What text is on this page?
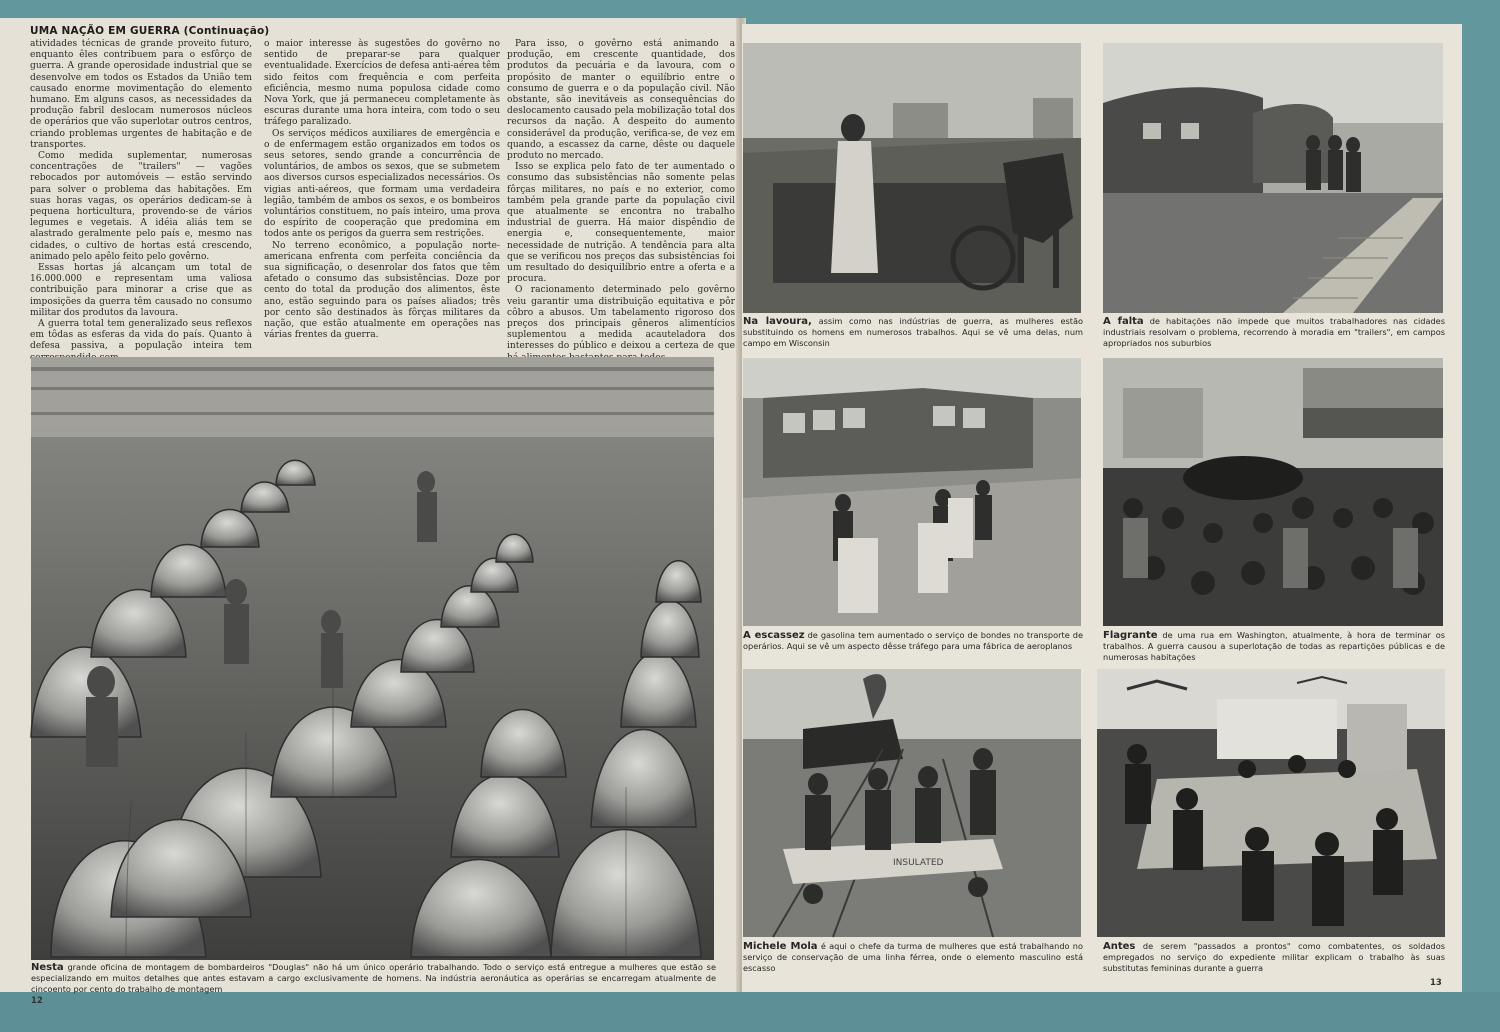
UMA NAÇÃO EM GUERRA (Continuação)

atividades técnicas de grande proveito futuro, enquanto êles contribuem para o esfôrço de guerra. A grande operosidade industrial que se desenvolve em todos os Estados da União tem causado enorme movimentação do elemento humano. Em alguns casos, as necessidades da produção fabril deslocam numerosos núcleos de operários que vão superlotar outros centros, criando problemas urgentes de habitação e de transportes.

Como medida suplementar, numerosas concentrações de "trailers" — vagões rebocados por automóveis — estão servindo para solver o problema das habitações. Em suas horas vagas, os operários dedicam-se à pequena horticultura, provendo-se de vários legumes e vegetais. A idéia aliás tem se alastrado geralmente pelo país e, mesmo nas cidades, o cultivo de hortas está crescendo, animado pelo apêlo feito pelo govêrno.

Essas hortas já alcançam um total de 16.000.000 e representam uma valiosa contribuição para minorar a crise que as imposições da guerra têm causado no consumo militar dos produtos da lavoura.

A guerra total tem generalizado seus reflexos em tôdas as esferas da vida do país. Quanto à defesa passiva, a população inteira tem

o maior interesse às sugestões do govêrno no sentido de preparar-se para qualquer eventualidade. Exercícios de defesa anti-aérea têm sido feitos com frequência e com perfeita eficiência, mesmo numa populosa cidade como Nova York, que já permaneceu completamente às escuras durante uma hora inteira, com todo o seu tráfego paralizado.

Os serviços médicos auxiliares de emergência e o de enfermagem estão organizados em todos os seus setores, sendo grande a concurrência de voluntários, de ambos os sexos, que se submetem aos diversos cursos especializados necessários. Os vigias anti-aéreos, que formam uma verdadeira legião, também de ambos os sexos, e os bombeiros voluntários constituem, no país inteiro, uma prova do espírito de cooperação que predomina em todos ante os perigos da guerra sem restrições.

No terreno econômico, a população norte-americana enfrenta com perfeita conciência da sua significação, o desenrolar dos fatos que têm afetado o consumo das subsistências. Doze por cento do total da produção dos alimentos, êste ano, estão seguindo para os países aliados; três por cento são destinados às fôrças militares da nação, que estão atualmente em operações nas várias frentes da guerra.

Para isso, o govêrno está animando a produção, em crescente quantidade, dos produtos da pecuária e da lavoura, com o propósito de manter o equilíbrio entre o consumo de guerra e o da população civil. Não obstante, são inevitáveis as consequências do deslocamento causado pela mobilização total dos recursos da nação. A despeito do aumento considerável da produção, verifica-se, de vez em quando, a escassez da carne, dêste ou daquele produto no mercado.

Isso se explica pelo fato de ter aumentado o consumo das subsistências não somente pelas fôrças militares, no país e no exterior, como também pela grande parte da população civil que atualmente se encontra no trabalho industrial de guerra. Há maior dispêndio de energia e, consequentemente, maior necessidade de nutrição. A tendência para alta que se verificou nos preços das subsistências foi um resultado do desiquilíbrio entre a oferta e a procura.

O racionamento determinado pelo govêrno veiu garantir uma distribuição equitativa e pôr côbro a abusos. Um tabelamento rigoroso dos preços dos principais gêneros alimentícios suplementou a medida acauteladora dos interesses do público e deixou a certeza de que

Nesta grande oficina de montagem de bombardeiros "Douglas" não há um único operário trabalhando. Todo o serviço está entregue a mulheres que estão se especializando em muitos detalhes que antes estavam a cargo exclusivamente de homens. Na indústria aeronáutica as operárias se encarregam atualmente de cincoento por cento do trabalho de montagem
12
Na lavoura, assim como nas indústrias de guerra, as mulheres estão substituindo os homens em numerosos trabalhos. Aqui se vê uma delas, num campo em Wisconsin
A falta de habitações não impede que muitos trabalhadores nas cidades industriais resolvam o problema, recorrendo à moradia em "trailers", em campos apropriados nos suburbios
A escassez de gasolina tem aumentado o serviço de bondes no transporte de operários. Aqui se vê um aspecto dêsse tráfego para uma fábrica de aeroplanos
Flagrante de uma rua em Washington, atualmente, à hora de terminar os trabalhos. A guerra causou a superlotação de todas as repartições públicas e de numerosas habitações
INSULATED
Michele Mola é aqui o chefe da turma de mulheres que está trabalhando no serviço de conservação de uma linha férrea, onde o elemento masculino está escasso
Antes de serem "passados a prontos" como combatentes, os soldados empregados no serviço do expediente militar explicam o trabalho às suas substitutas femininas durante a guerra
13
